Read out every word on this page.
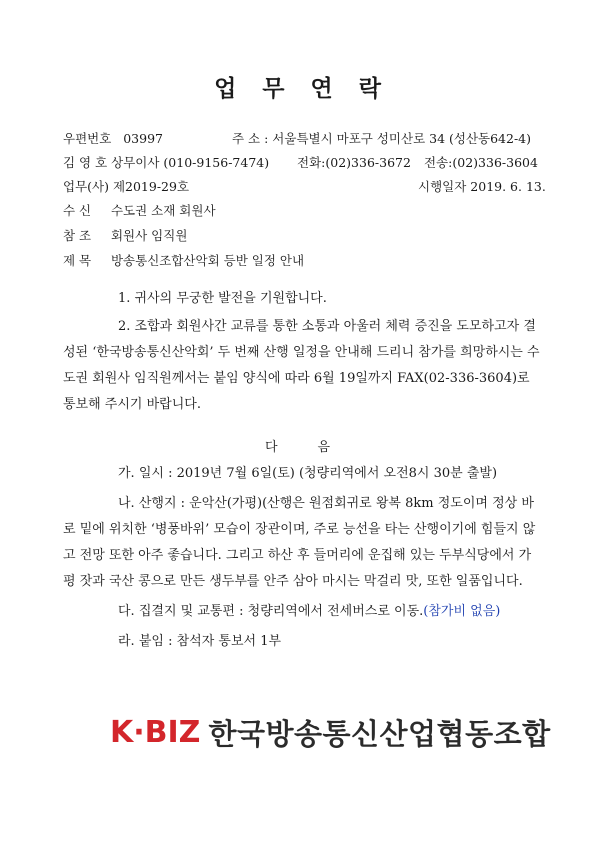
업무연락
우편번호 03997	주 소 : 서울특별시 마포구 성미산로 34 (성산동642-4)
김 영 호 상무이사 (010-9156-7474) 전화:(02)336-3672 전송:(02)336-3604
업무(사) 제2019-29호	시행일자 2019. 6. 13.
수 신 수도권 소재 회원사
참 조 회원사 임직원
제 목 방송통신조합산악회 등반 일정 안내
1. 귀사의 무궁한 발전을 기원합니다.
2. 조합과 회원사간 교류를 통한 소통과 아울러 체력 증진을 도모하고자 결
성된 ‘한국방송통신산악회’ 두 번째 산행 일정을 안내해 드리니 참가를 희망하시는 수
도권 회원사 임직원께서는 붙임 양식에 따라 6월 19일까지 FAX(02-336-3604)로
통보해 주시기 바랍니다.
다음
가. 일시 : 2019년 7월 6일(토) (청량리역에서 오전8시 30분 출발)
나. 산행지 : 운악산(가평)(산행은 원점회귀로 왕복 8km 정도이며 정상 바
로 밑에 위치한 ‘병풍바위’ 모습이 장관이며, 주로 능선을 타는 산행이기에 힘들지 않
고 전망 또한 아주 좋습니다. 그리고 하산 후 들머리에 운집해 있는 두부식당에서 가
평 잣과 국산 콩으로 만든 생두부를 안주 삼아 마시는 막걸리 맛, 또한 일품입니다.
다. 집결지 및 교통편 : 청량리역에서 전세버스로 이동.(참가비 없음)
라. 붙임 : 참석자 통보서 1부
K·BIZ 한국방송통신산업협동조합
